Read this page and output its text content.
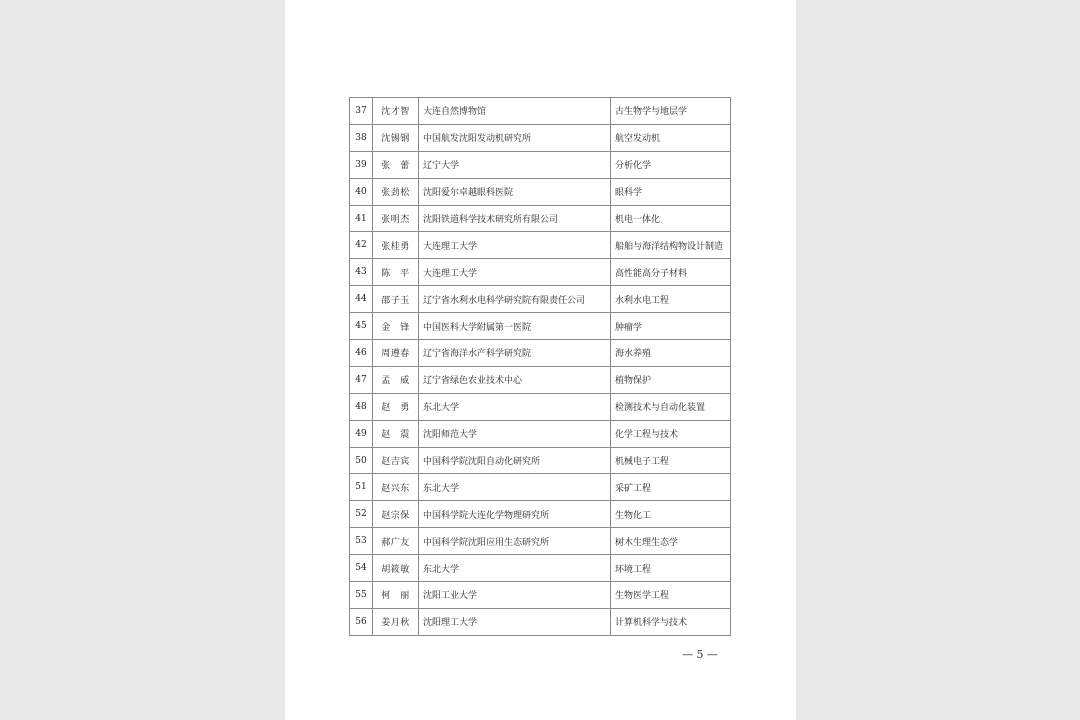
37	沈才智	大连自然博物馆	古生物学与地层学
38	沈锡钢	中国航发沈阳发动机研究所	航空发动机
39	张　蕾	辽宁大学	分析化学
40	张劲松	沈阳爱尔卓越眼科医院	眼科学
41	张明杰	沈阳铁道科学技术研究所有限公司	机电一体化
42	张桂勇	大连理工大学	船舶与海洋结构物设计制造
43	陈　平	大连理工大学	高性能高分子材料
44	邵子玉	辽宁省水利水电科学研究院有限责任公司	水利水电工程
45	金　锋	中国医科大学附属第一医院	肿瘤学
46	周遵春	辽宁省海洋水产科学研究院	海水养殖
47	孟　威	辽宁省绿色农业技术中心	植物保护
48	赵　勇	东北大学	检测技术与自动化装置
49	赵　震	沈阳师范大学	化学工程与技术
50	赵吉宾	中国科学院沈阳自动化研究所	机械电子工程
51	赵兴东	东北大学	采矿工程
52	赵宗保	中国科学院大连化学物理研究所	生物化工
53	郝广友	中国科学院沈阳应用生态研究所	树木生理生态学
54	胡筱敏	东北大学	环境工程
55	柯　丽	沈阳工业大学	生物医学工程
56	姜月秋	沈阳理工大学	计算机科学与技术
— 5 —
